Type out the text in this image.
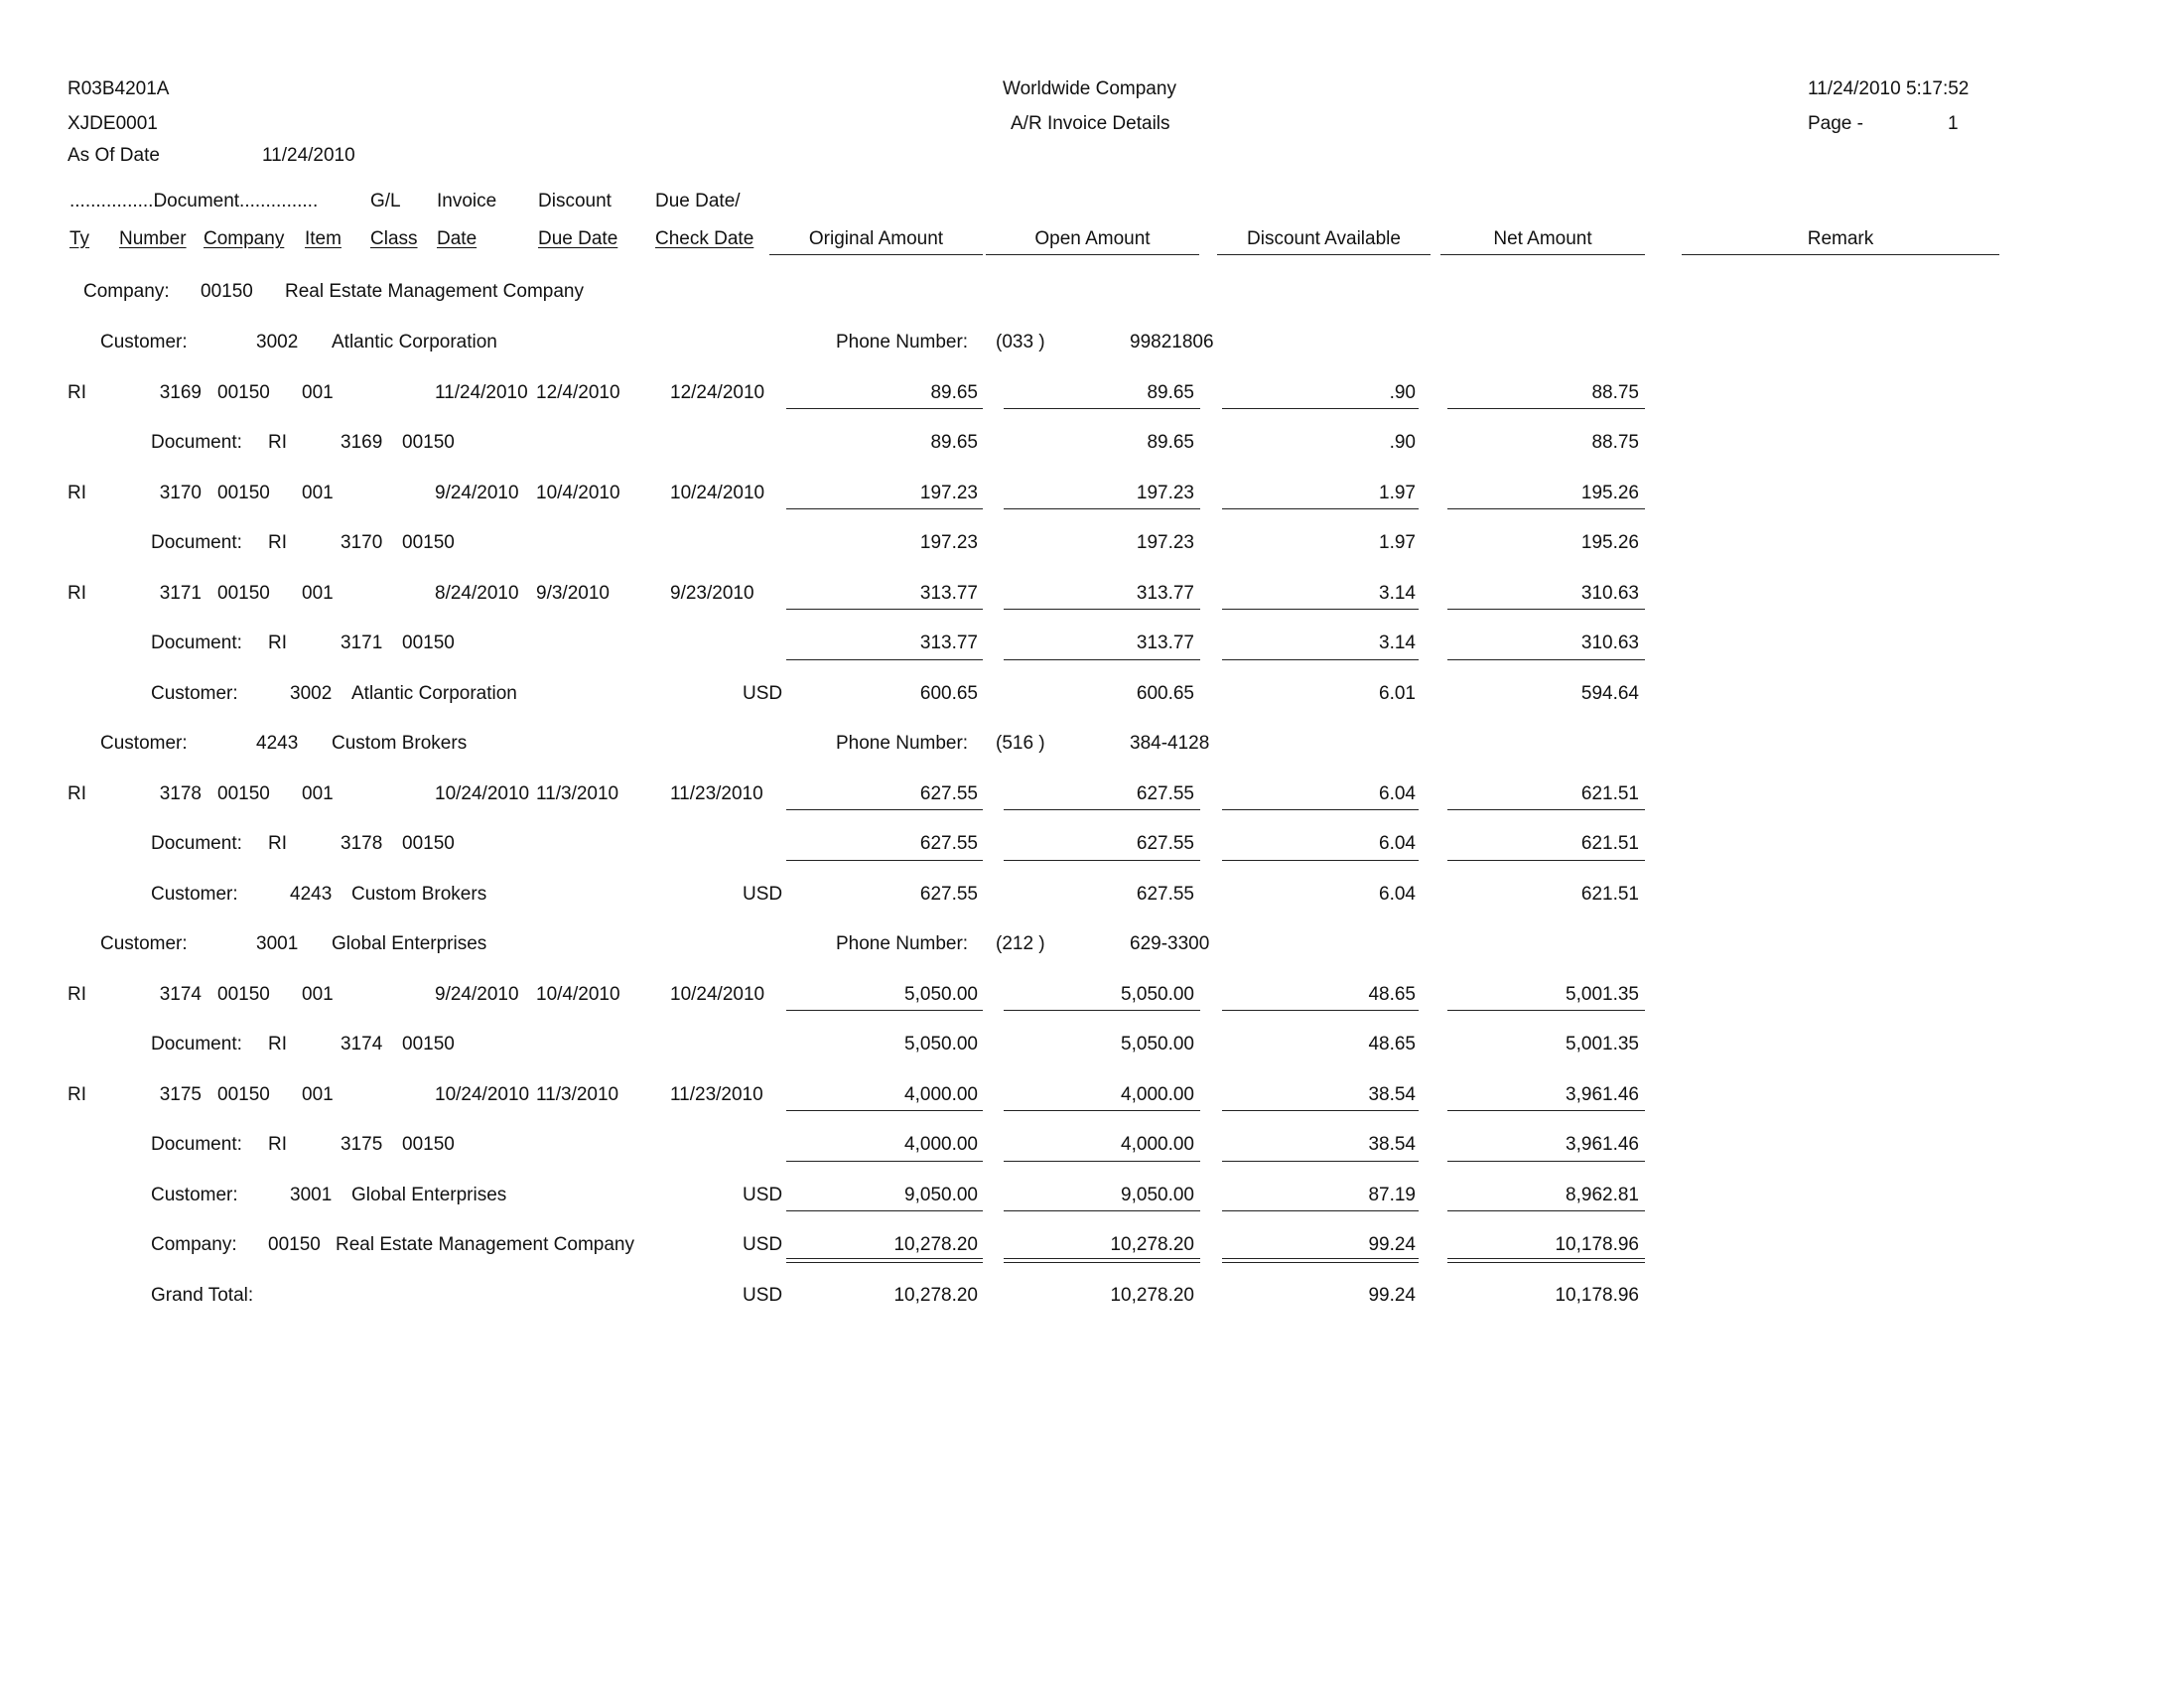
R03B4201A
XJDE0001
As Of Date	11/24/2010
Worldwide Company
A/R Invoice Details
11/24/2010 5:17:52
Page -	1
................Document...............	G/L Invoice Discount Due Date/
Ty Number Company Item Class Date	Due Date Check Date	Original Amount	Open Amount	Discount Available	Net Amount	Remark
Company: 00150 Real Estate Management Company
Customer:	3002 Atlantic Corporation	Phone Number: (033 )	99821806
RI	3169 00150 001	11/24/2010 12/4/2010	12/24/2010	89.65	89.65	.90	88.75
Document: RI	3169 00150	89.65	89.65	.90	88.75
RI	3170 00150 001	9/24/2010 10/4/2010	10/24/2010	197.23	197.23	1.97	195.26
Document: RI	3170 00150	197.23	197.23	1.97	195.26
RI	3171 00150 001	8/24/2010 9/3/2010	9/23/2010	313.77	313.77	3.14	310.63
Document: RI	3171 00150	313.77	313.77	3.14	310.63
Customer:	3002 Atlantic Corporation	USD	600.65	600.65	6.01	594.64
Customer:	4243 Custom Brokers	Phone Number: (516 )	384-4128
RI	3178 00150 001	10/24/2010 11/3/2010	11/23/2010	627.55	627.55	6.04	621.51
Document: RI	3178 00150	627.55	627.55	6.04	621.51
Customer:	4243 Custom Brokers	USD	627.55	627.55	6.04	621.51
Customer:	3001 Global Enterprises	Phone Number: (212 )	629-3300
RI	3174 00150 001	9/24/2010 10/4/2010	10/24/2010	5,050.00	5,050.00	48.65	5,001.35
Document: RI	3174 00150	5,050.00	5,050.00	48.65	5,001.35
RI	3175 00150 001	10/24/2010 11/3/2010	11/23/2010	4,000.00	4,000.00	38.54	3,961.46
Document: RI	3175 00150	4,000.00	4,000.00	38.54	3,961.46
Customer:	3001 Global Enterprises	USD	9,050.00	9,050.00	87.19	8,962.81
Company: 00150 Real Estate Management Company	USD	10,278.20	10,278.20	99.24	10,178.96
Grand Total:	USD	10,278.20	10,278.20	99.24	10,178.96
